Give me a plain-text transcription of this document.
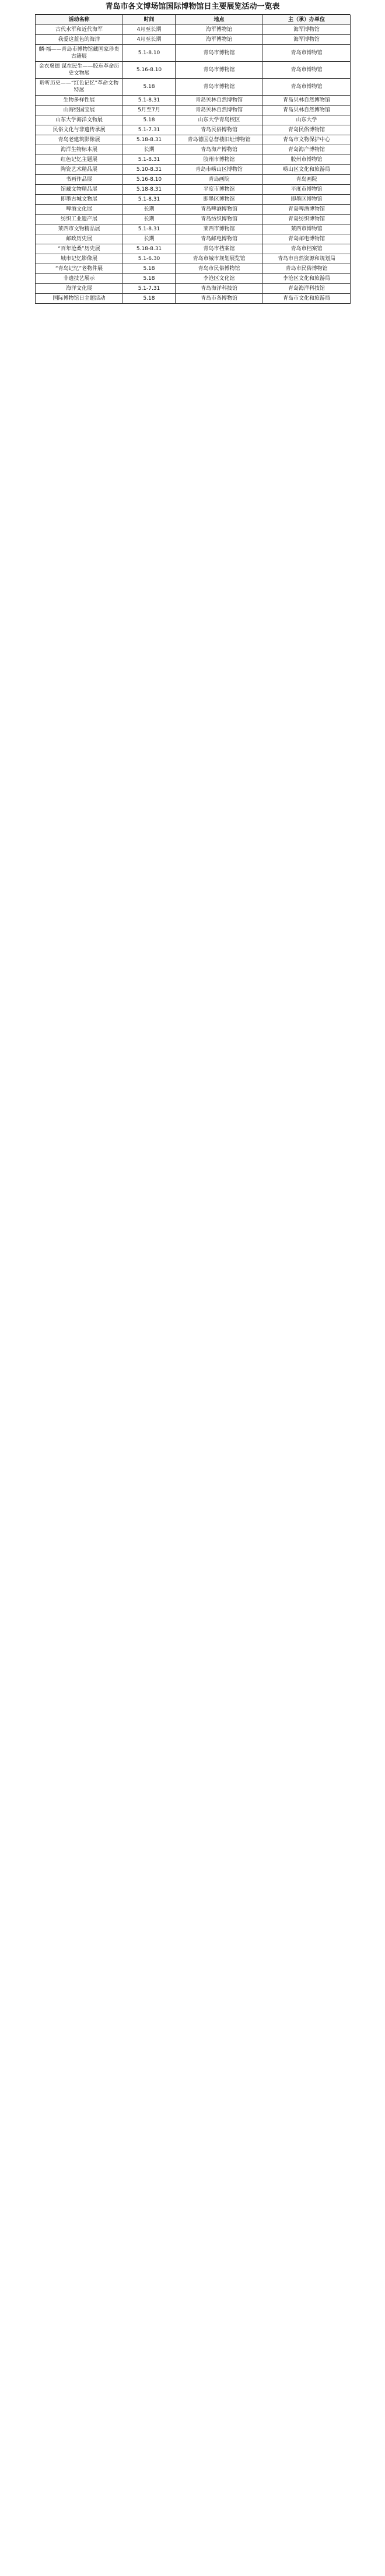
青岛市各文博场馆国际博物馆日主要展览活动一览表
活动名称	时间	地点	主（承）办单位
古代水军和近代海军	4月至长期	海军博物馆	海军博物馆
我爱这蓝色的海洋	4月至长期	海军博物馆	海军博物馆
麟·福——青岛市博物馆藏国家珍贵古籍展	5.1-8.10	青岛市博物馆	青岛市博物馆
金衣褒德 谋在民生——胶东革命历史文物展	5.16-8.10	青岛市博物馆	青岛市博物馆
聆听历史——“红色记忆”革命文物特展	5.18	青岛市博物馆	青岛市博物馆
生物多样性展	5.1-8.31	青岛贝林自然博物馆	青岛贝林自然博物馆
山海经国宝展	5月至7月	青岛贝林自然博物馆	青岛贝林自然博物馆
山东大学海洋文物展	5.18	山东大学青岛校区	山东大学
民俗文化与非遗传承展	5.1-7.31	青岛民俗博物馆	青岛民俗博物馆
青岛老建筑影像展	5.18-8.31	青岛德国总督楼旧址博物馆	青岛市文物保护中心
海洋生物标本展	长期	青岛海产博物馆	青岛海产博物馆
红色记忆主题展	5.1-8.31	胶州市博物馆	胶州市博物馆
陶瓷艺术精品展	5.10-8.31	青岛市崂山区博物馆	崂山区文化和旅游局
书画作品展	5.16-8.10	青岛画院	青岛画院
馆藏文物精品展	5.18-8.31	平度市博物馆	平度市博物馆
即墨古城文物展	5.1-8.31	即墨区博物馆	即墨区博物馆
啤酒文化展	长期	青岛啤酒博物馆	青岛啤酒博物馆
纺织工业遗产展	长期	青岛纺织博物馆	青岛纺织博物馆
莱西市文物精品展	5.1-8.31	莱西市博物馆	莱西市博物馆
邮政历史展	长期	青岛邮电博物馆	青岛邮电博物馆
“百年沧桑”历史展	5.18-8.31	青岛市档案馆	青岛市档案馆
城市记忆影像展	5.1-6.30	青岛市城市规划展览馆	青岛市自然资源和规划局
“青岛记忆”老物件展	5.18	青岛市民俗博物馆	青岛市民俗博物馆
非遗技艺展示	5.18	李沧区文化馆	李沧区文化和旅游局
海洋文化展	5.1-7.31	青岛海洋科技馆	青岛海洋科技馆
国际博物馆日主题活动	5.18	青岛市各博物馆	青岛市文化和旅游局
